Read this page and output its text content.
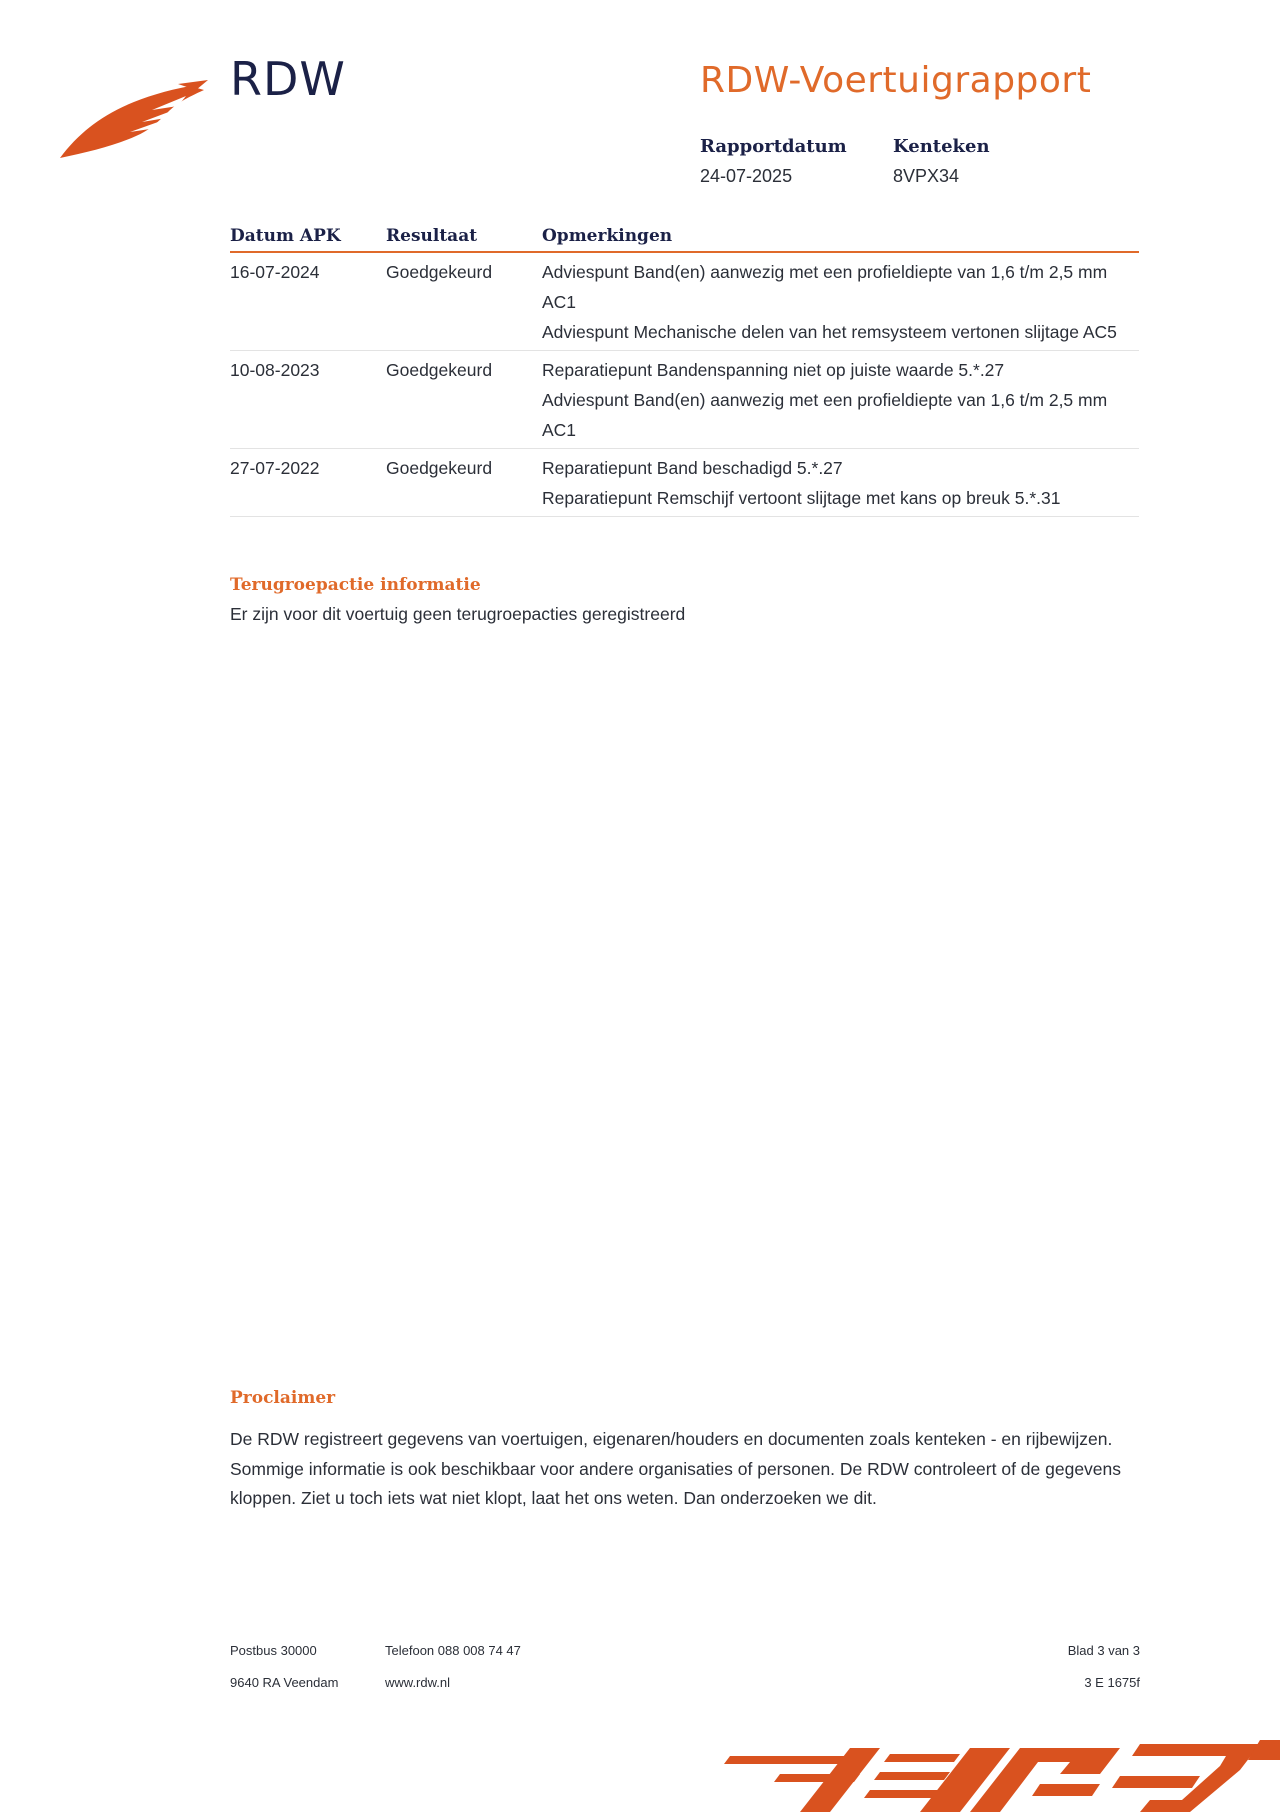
RDW	RDW-Voertuigrapport
Rapportdatum
24-07-2025
Kenteken
8VPX34
Datum APK	Resultaat	Opmerkingen
16-07-2024	Goedgekeurd	Adviespunt Band(en) aanwezig met een profieldiepte van 1,6 t/m 2,5 mm AC1
Adviespunt Mechanische delen van het remsysteem vertonen slijtage AC5

10-08-2023	Goedgekeurd	Reparatiepunt Bandenspanning niet op juiste waarde 5.*.27
Adviespunt Band(en) aanwezig met een profieldiepte van 1,6 t/m 2,5 mm AC1

27-07-2022	Goedgekeurd	Reparatiepunt Band beschadigd 5.*.27
Reparatiepunt Remschijf vertoont slijtage met kans op breuk 5.*.31
Terugroepactie informatie
Er zijn voor dit voertuig geen terugroepacties geregistreerd
Proclaimer
De RDW registreert gegevens van voertuigen, eigenaren/houders en documenten zoals kenteken - en rijbewijzen. Sommige informatie is ook beschikbaar voor andere organisaties of personen. De RDW controleert of de gegevens kloppen. Ziet u toch iets wat niet klopt, laat het ons weten. Dan onderzoeken we dit.
Postbus 30000
9640 RA Veendam
Telefoon 088 008 74 47
www.rdw.nl
Blad 3 van 3
3 E 1675f
